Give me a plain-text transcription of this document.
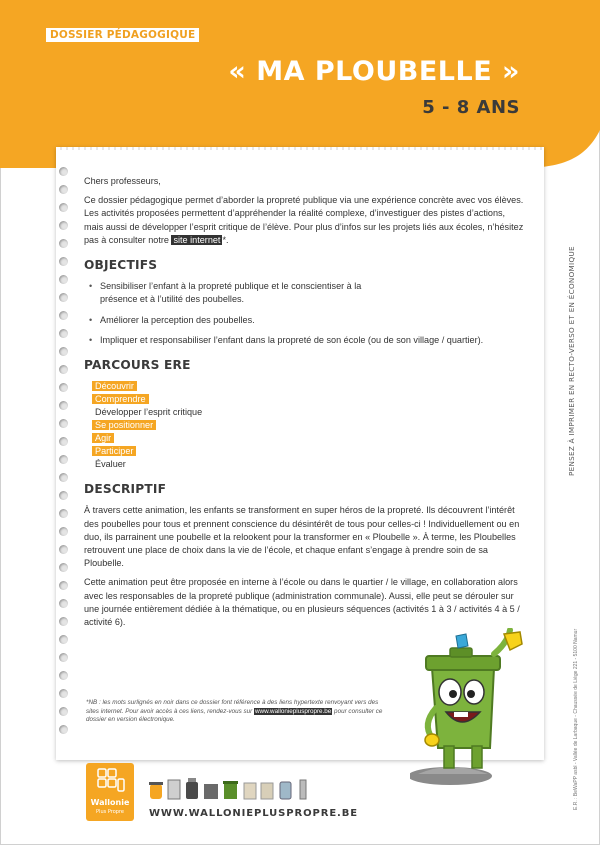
DOSSIER PÉDAGOGIQUE
« MA PLOUBELLE »
5 - 8 ANS

Chers professeurs,

Ce dossier pédagogique permet d’aborder la propreté publique via une expérience concrète avec vos élèves. Les activités proposées permettent d’appréhender la réalité complexe, d’investiguer des pistes d’actions, mais aussi de développer l’esprit critique de l’élève. Pour plus d’infos sur les projets liés aux écoles, n’hésitez pas à consulter notre site internet *.

OBJECTIFS
• Sensibiliser l’enfant à la propreté publique et le conscientiser à la présence et à l’utilité des poubelles.
• Améliorer la perception des poubelles.
• Impliquer et responsabiliser l’enfant dans la propreté de son école (ou de son village / quartier).
PARCOURS ERE
Découvrir
Comprendre
Développer l’esprit critique
Se positionner
Agir
Participer
Évaluer
DESCRIPTIF

À travers cette animation, les enfants se transforment en super héros de la propreté. Ils découvrent l’intérêt des poubelles pour tous et prennent conscience du désintérêt de tous pour celles-ci ! Individuellement ou en duo, ils parrainent une poubelle et la relookent pour la transformer en « Ploubelle ». À terme, les Ploubelles retrouvent une place de choix dans la vie de l’école, et chaque enfant s’engage à prendre soin de sa Ploubelle.

Cette animation peut être proposée en interne à l’école ou dans le quartier / le village, en collaboration alors avec les responsables de la propreté publique (administration communale). Aussi, elle peut se dérouler sur une journée entièrement dédiée à la thématique, ou en plusieurs séquences (activités 1 à 3 / activités 4 à 5 / activité 6).

*NB : les mots surlignés en noir dans ce dossier font référence à des liens hypertexte renvoyant vers des sites internet. Pour avoir accès à ces liens, rendez-vous sur www.walloniepluspropre.be pour consulter ce dossier en version électronique.
PENSEZ À IMPRIMER EN RECTO-VERSO ET EN ÉCONOMIQUE
E.R. : BeWaPP asbl - Vallée de Larbaque - Chaussée de Liège 221 - 5100 Namur
Wallonie
Plus Propre	WWW.WALLONIEPLUSPROPRE.BE
